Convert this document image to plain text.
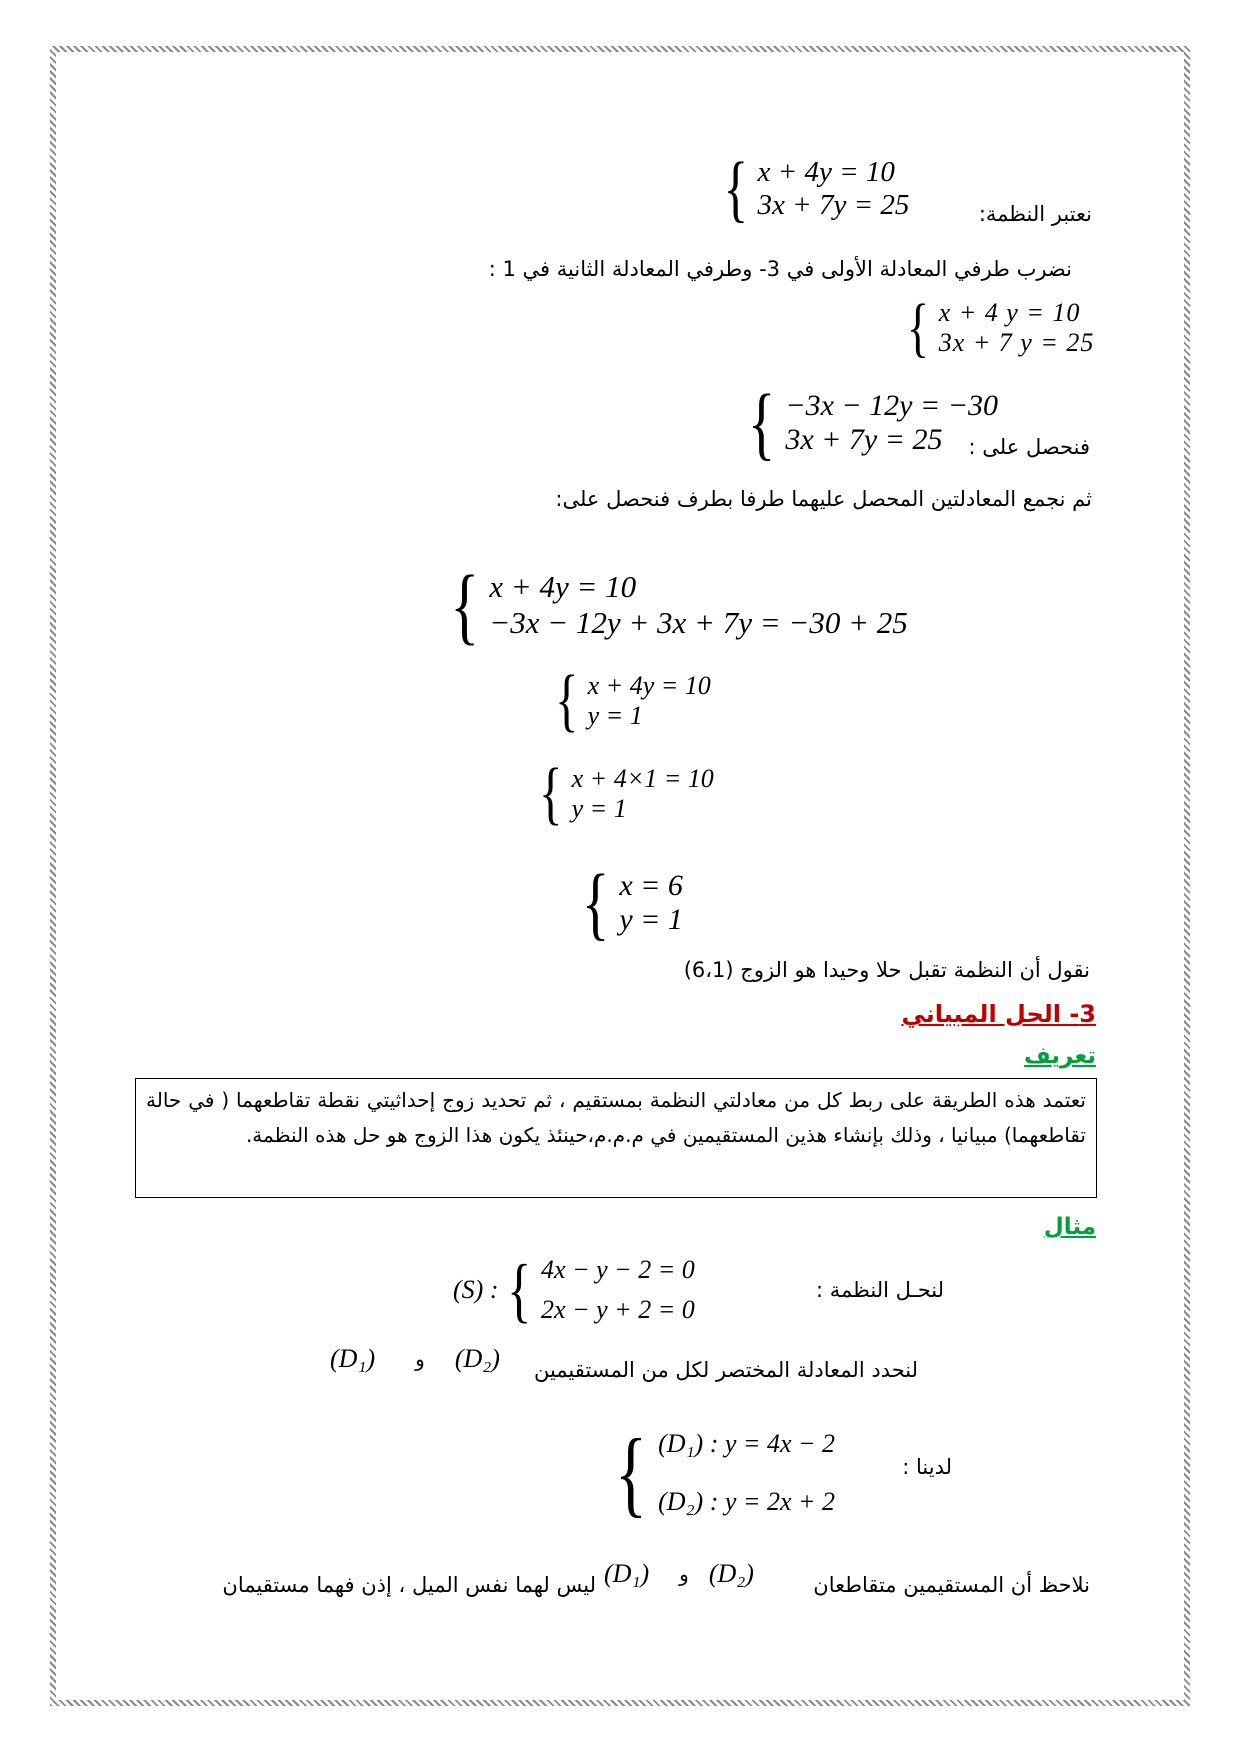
نعتبر النظمة:
{ x + 4y = 10
3x + 7y = 25
نضرب طرفي المعادلة الأولى في 3- وطرفي المعادلة الثانية في 1 :
{ x + 4 y = 10
3x + 7 y = 25
فنحصل على :
{ −3x − 12y = −30
3x + 7y = 25
ثم نجمع المعادلتين المحصل عليهما طرفا بطرف فنحصل على:
{ x + 4y = 10
−3x − 12y + 3x + 7y = −30 + 25
{ x + 4y = 10
y = 1
{ x + 4×1 = 10
y = 1
{ x = 6
y = 1
نقول أن النظمة تقبل حلا وحيدا هو الزوج (6،1)
3- الحل المبياني
تعريف
تعتمد هذه الطريقة على ربط كل من معادلتي النظمة بمستقيم ، ثم تحديد زوج إحداثيتي نقطة تقاطعهما ( في حالة تقاطعهما) مبيانيا ، وذلك بإنشاء هذين المستقيمين في م.م.م،حينئذ يكون هذا الزوج هو حل هذه النظمة.
مثال
لنحـل النظمة :
(S) : { 4x − y − 2 = 0
2x − y + 2 = 0
لنحدد المعادلة المختصر لكل من المستقيمين
(D₁) و (D₂)
لدينا :
{ (D₁) : y = 4x − 2
(D₂) : y = 2x + 2
نلاحظ أن المستقيمين متقاطعان
(D₁) و (D₂)
ليس لهما نفس الميل ، إذن فهما مستقيمان
